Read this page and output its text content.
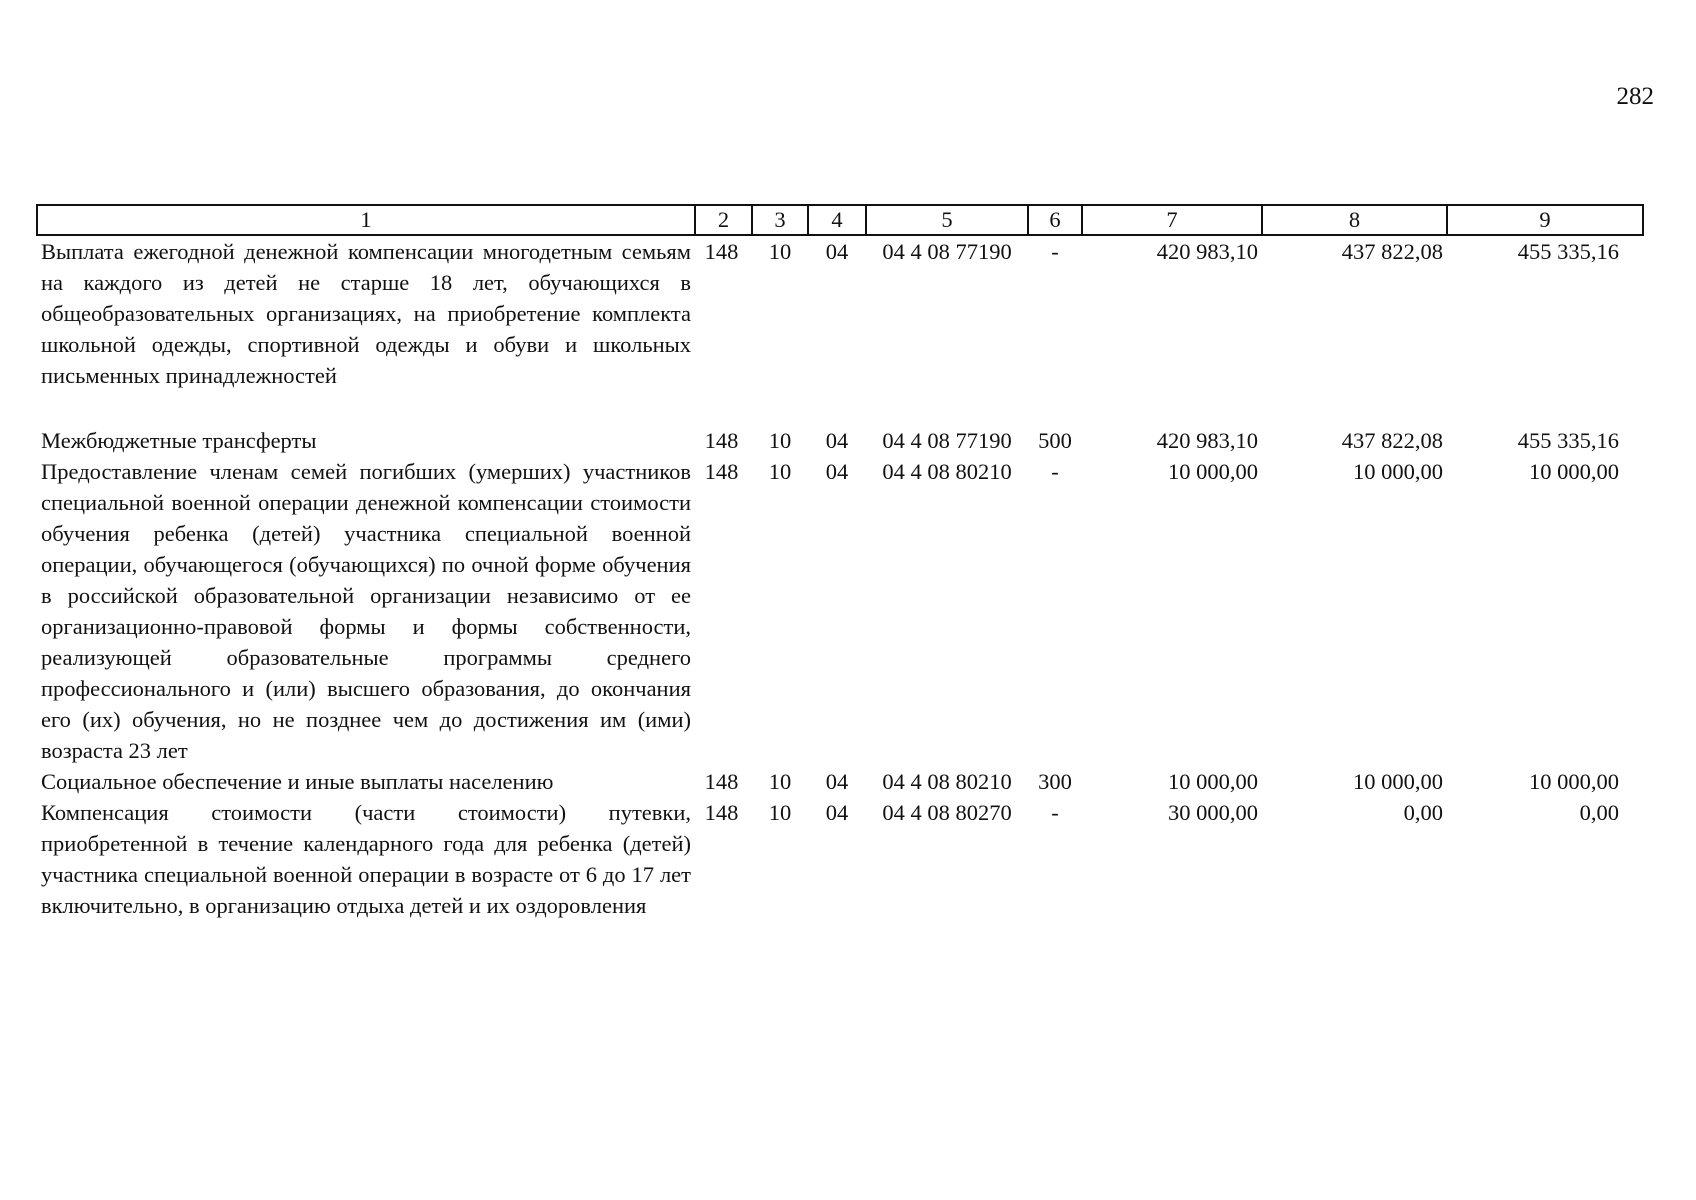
282
1	2	3	4	5	6	7	8	9
Выплата ежегодной денежной компенсации многодетным семьям на каждого из детей не старше 18 лет, обучающихся в общеобразовательных организациях, на приобретение комплекта школьной одежды, спортивной одежды и обуви и школьных письменных принадлежностей	148	10	04	04 4 08 77190	-	420 983,10	437 822,08	455 335,16
Межбюджетные трансферты	148	10	04	04 4 08 77190	500	420 983,10	437 822,08	455 335,16
Предоставление членам семей погибших (умерших) участников специальной военной операции денежной компенсации стоимости обучения ребенка (детей) участника специальной военной операции, обучающегося (обучающихся) по очной форме обучения в российской образовательной организации независимо от ее организационно-правовой формы и формы собственности, реализующей образовательные программы среднего профессионального и (или) высшего образования, до окончания его (их) обучения, но не позднее чем до достижения им (ими) возраста 23 лет	148	10	04	04 4 08 80210	-	10 000,00	10 000,00	10 000,00
Социальное обеспечение и иные выплаты населению	148	10	04	04 4 08 80210	300	10 000,00	10 000,00	10 000,00
Компенсация стоимости (части стоимости) путевки, приобретенной в течение календарного года для ребенка (детей) участника специальной военной операции в возрасте от 6 до 17 лет включительно, в организацию отдыха детей и их оздоровления	148	10	04	04 4 08 80270	-	30 000,00	0,00	0,00
